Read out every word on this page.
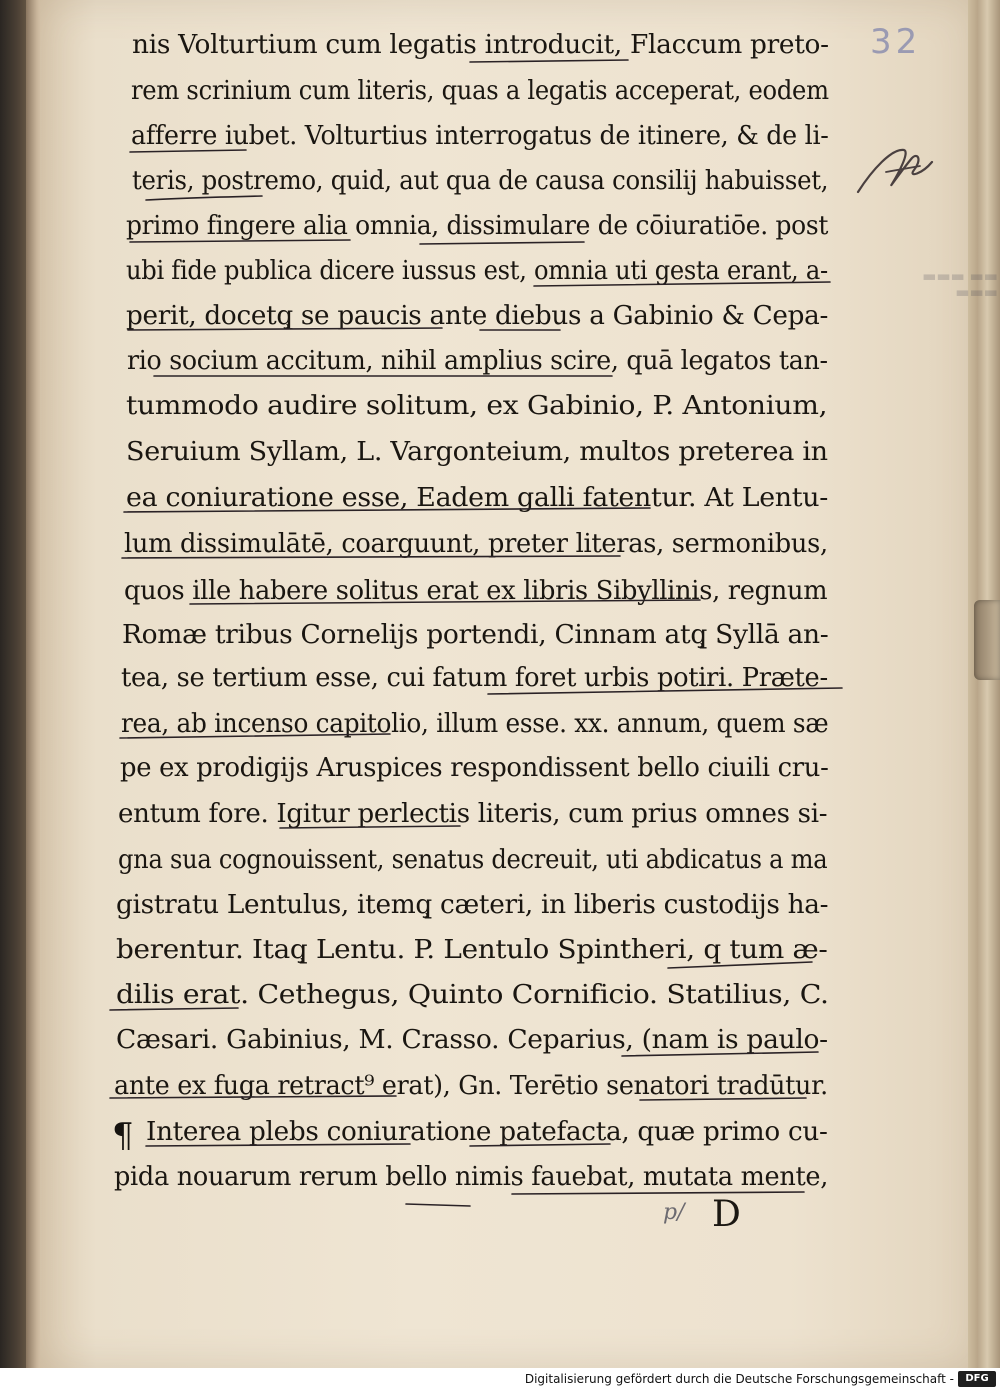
▬▬ ▬▬▬
▬▬▬
32
nis Volturtium cum legatis introducit, Flaccum preto-
rem scrinium cum literis, quas a legatis acceperat, eodem
afferre iubet. Volturtius interrogatus de itinere, & de li-
teris, postremo, quid, aut qua de causa consilij habuisset,
primo fingere alia omnia, dissimulare de cōiuratiōe. post
ubi fide publica dicere iussus est, omnia uti gesta erant, a-
perit, docetq̧ se paucis ante diebus a Gabinio & Cepa-
rio socium accitum, nihil amplius scire, quā legatos tan-
tummodo audire solitum, ex Gabinio, P. Antonium,
Seruium Syllam, L. Vargonteium, multos preterea in
ea coniuratione esse, Eadem galli fatentur. At Lentu-
lum dissimulātē, coarguunt, preter literas, sermonibus,
quos ille habere solitus erat ex libris Sibyllinis, regnum
Romæ tribus Cornelijs portendi, Cinnam atq̧ Syllā an-
tea, se tertium esse, cui fatum foret urbis potiri. Præte-
rea, ab incenso capitolio, illum esse. xx. annum, quem sæ
pe ex prodigijs Aruspices respondissent bello ciuili cru-
entum fore. Igitur perlectis literis, cum prius omnes si-
gna sua cognouissent, senatus decreuit, uti abdicatus a ma
gistratu Lentulus, itemq̧ cæteri, in liberis custodijs ha-
berentur. Itaq̧ Lentu. P. Lentulo Spintheri, q tum æ-
dilis erat. Cethegus, Quinto Cornificio. Statilius, C.
Cæsari. Gabinius, M. Crasso. Ceparius, (nam is paulo-
ante ex fuga retract⁹ erat), Gn. Terētio senatori tradūtur.
Interea plebs coniuratione patefacta, quæ primo cu-
pida nouarum rerum bello nimis fauebat, mutata mente,
¶
p/ D
Digitalisierung gefördert durch die Deutsche Forschungsgemeinschaft -	DFG
